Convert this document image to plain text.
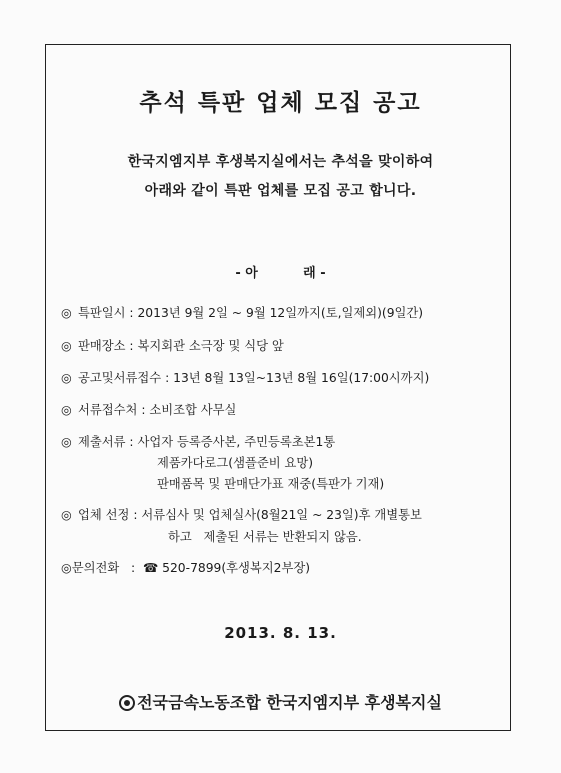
추석 특판 업체 모집 공고
한국지엠지부 후생복지실에서는 추석을 맞이하여
아래와 같이 특판 업체를 모집 공고 합니다.
- 아          래 -
◎ 특판일시 : 2013년 9월 2일 ~ 9월 12일까지(토,일제외)(9일간)
◎ 판매장소 : 복지회관 소극장 및 식당 앞
◎ 공고및서류접수 : 13년 8월 13일~13년 8월 16일(17:00시까지)
◎ 서류접수처 : 소비조합 사무실
◎ 제출서류 : 사업자 등록증사본, 주민등록초본1통
제품카다로그(샘플준비 요망)
판매품목 및 판매단가표 재중(특판가 기재)
◎ 업체 선정 : 서류심사 및 업체실사(8월21일 ~ 23일)후 개별통보
하고   제출된 서류는 반환되지 않음.
◎문의전화   :  ☎ 520-7899(후생복지2부장)
2013. 8. 13.
전국금속노동조합 한국지엠지부 후생복지실
